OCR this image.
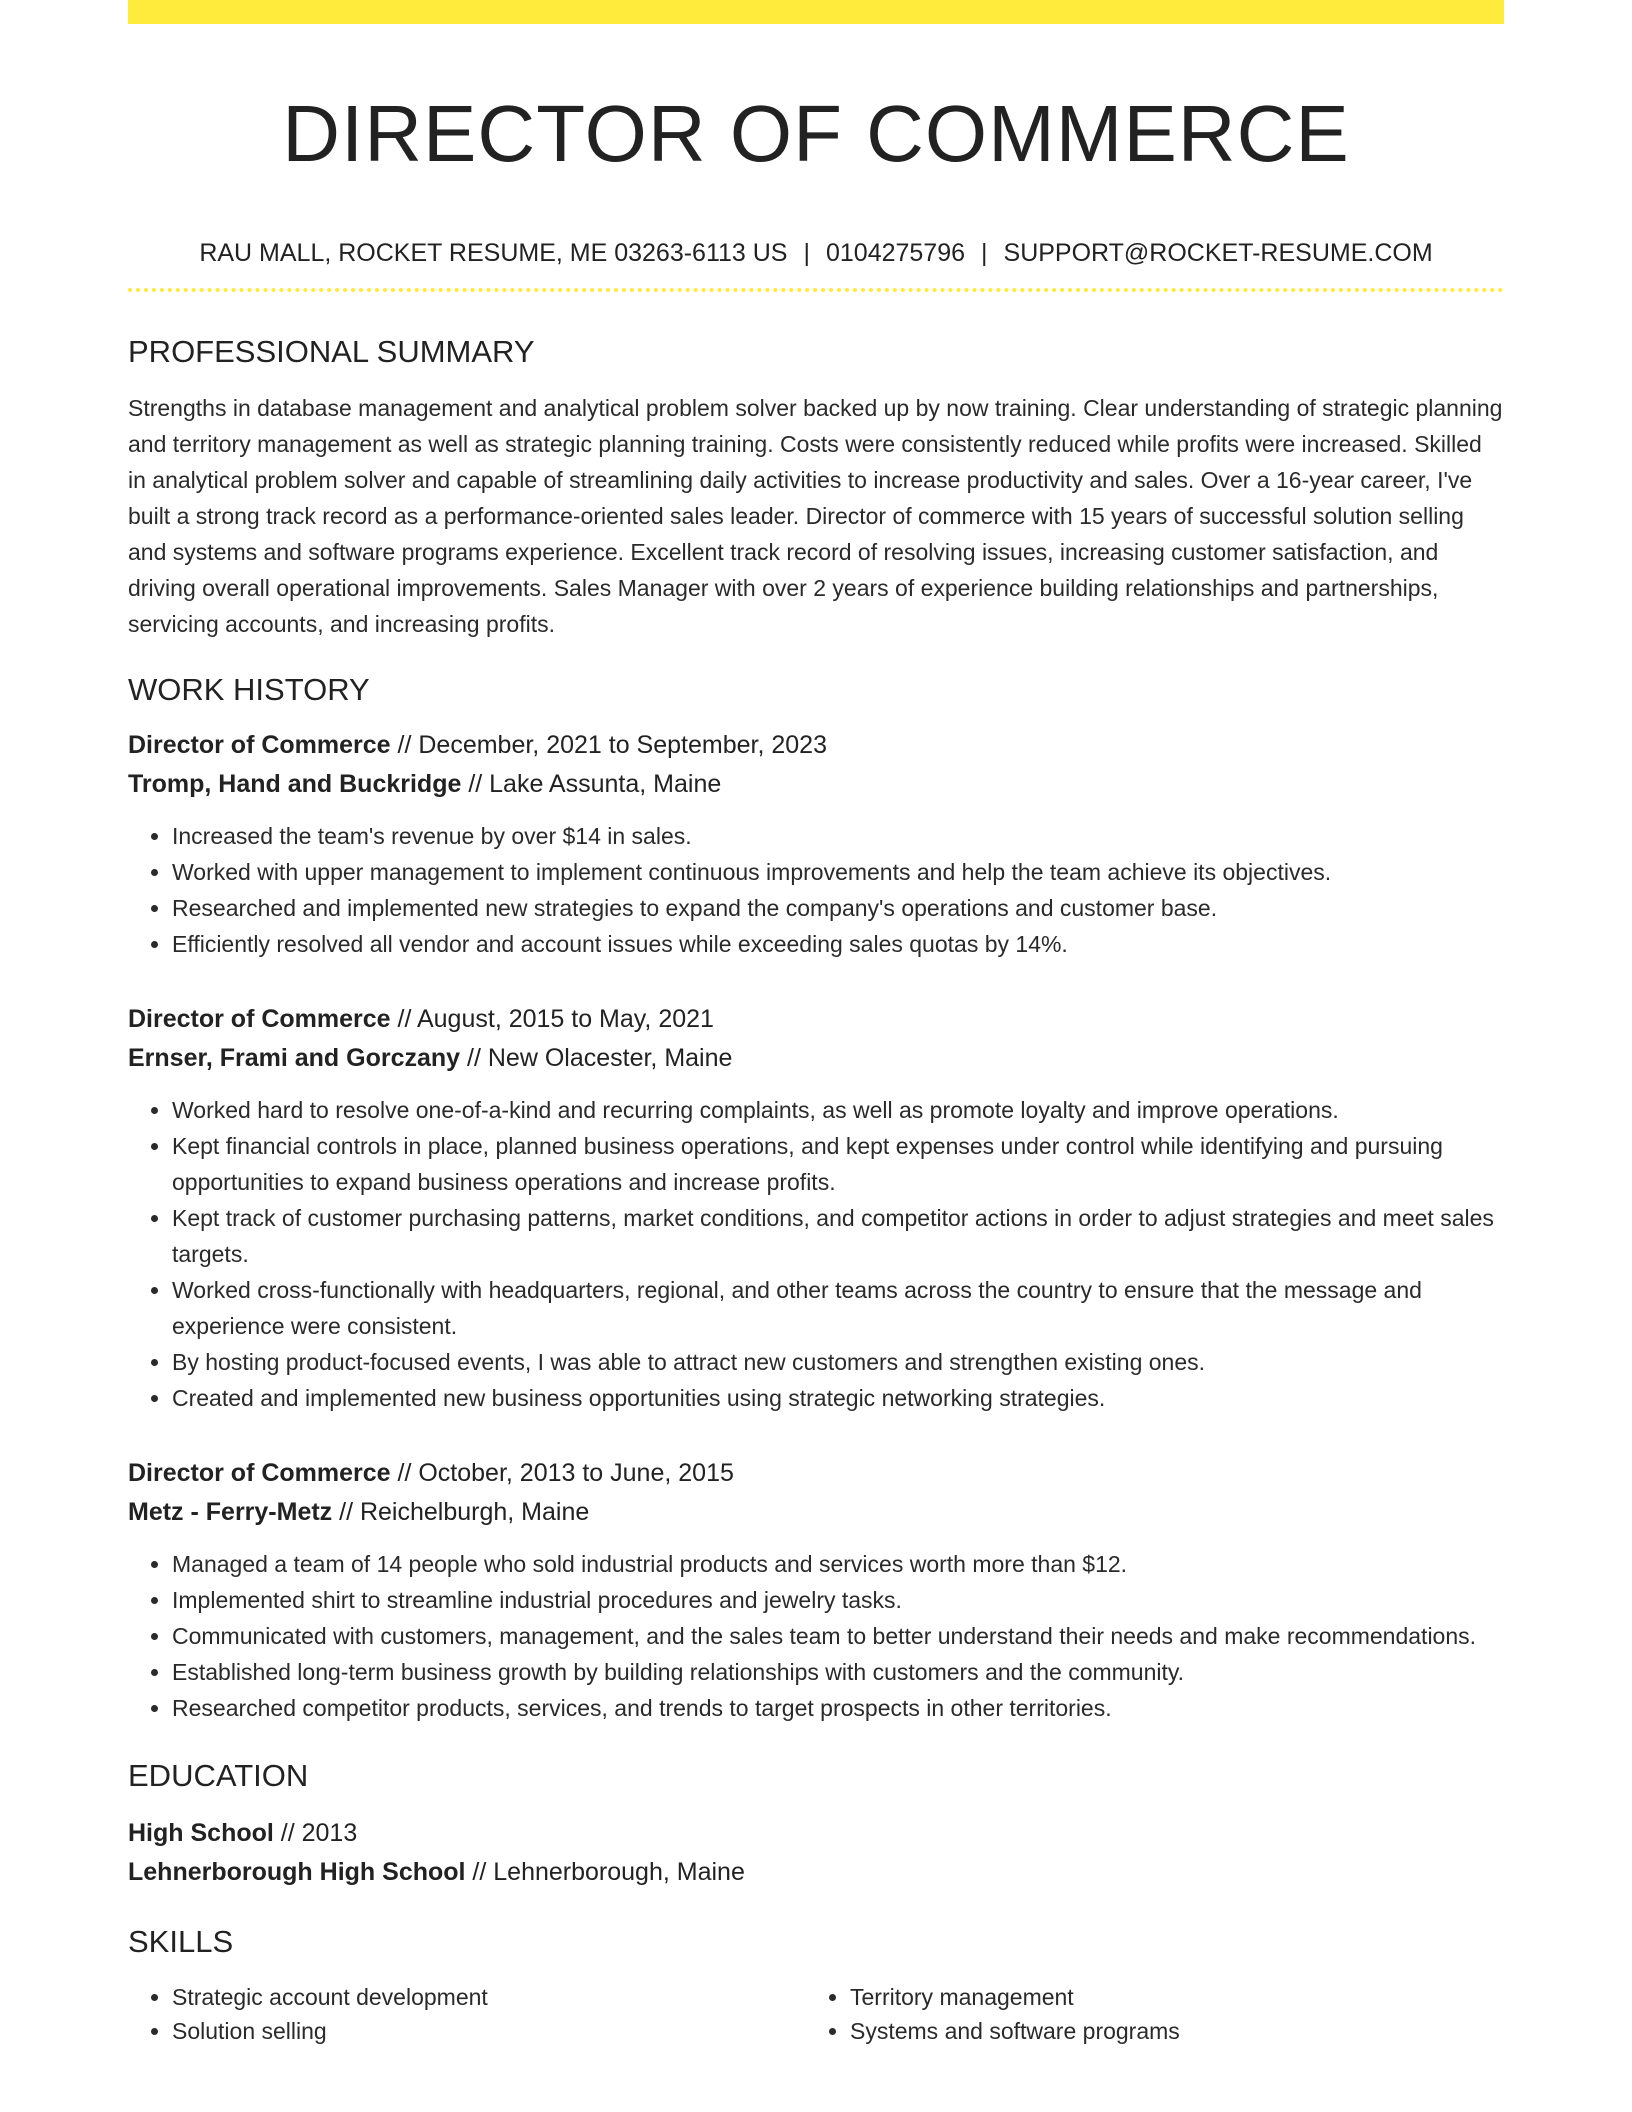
DIRECTOR OF COMMERCE
RAU MALL, ROCKET RESUME, ME 03263-6113 US | 0104275796 | SUPPORT@ROCKET-RESUME.COM
PROFESSIONAL SUMMARY
Strengths in database management and analytical problem solver backed up by now training. Clear understanding of strategic planning and territory management as well as strategic planning training. Costs were consistently reduced while profits were increased. Skilled in analytical problem solver and capable of streamlining daily activities to increase productivity and sales. Over a 16-year career, I've built a strong track record as a performance-oriented sales leader. Director of commerce with 15 years of successful solution selling and systems and software programs experience. Excellent track record of resolving issues, increasing customer satisfaction, and driving overall operational improvements. Sales Manager with over 2 years of experience building relationships and partnerships, servicing accounts, and increasing profits.
WORK HISTORY
Director of Commerce // December, 2021 to September, 2023
Tromp, Hand and Buckridge // Lake Assunta, Maine
• Increased the team's revenue by over $14 in sales.
• Worked with upper management to implement continuous improvements and help the team achieve its objectives.
• Researched and implemented new strategies to expand the company's operations and customer base.
• Efficiently resolved all vendor and account issues while exceeding sales quotas by 14%.
Director of Commerce // August, 2015 to May, 2021
Ernser, Frami and Gorczany // New Olacester, Maine
• Worked hard to resolve one-of-a-kind and recurring complaints, as well as promote loyalty and improve operations.
• Kept financial controls in place, planned business operations, and kept expenses under control while identifying and pursuing opportunities to expand business operations and increase profits.
• Kept track of customer purchasing patterns, market conditions, and competitor actions in order to adjust strategies and meet sales targets.
• Worked cross-functionally with headquarters, regional, and other teams across the country to ensure that the message and experience were consistent.
• By hosting product-focused events, I was able to attract new customers and strengthen existing ones.
• Created and implemented new business opportunities using strategic networking strategies.
Director of Commerce // October, 2013 to June, 2015
Metz - Ferry-Metz // Reichelburgh, Maine
• Managed a team of 14 people who sold industrial products and services worth more than $12.
• Implemented shirt to streamline industrial procedures and jewelry tasks.
• Communicated with customers, management, and the sales team to better understand their needs and make recommendations.
• Established long-term business growth by building relationships with customers and the community.
• Researched competitor products, services, and trends to target prospects in other territories.
EDUCATION
High School // 2013
Lehnerborough High School // Lehnerborough, Maine
SKILLS
• Strategic account development
• Solution selling
• Territory management
• Systems and software programs
